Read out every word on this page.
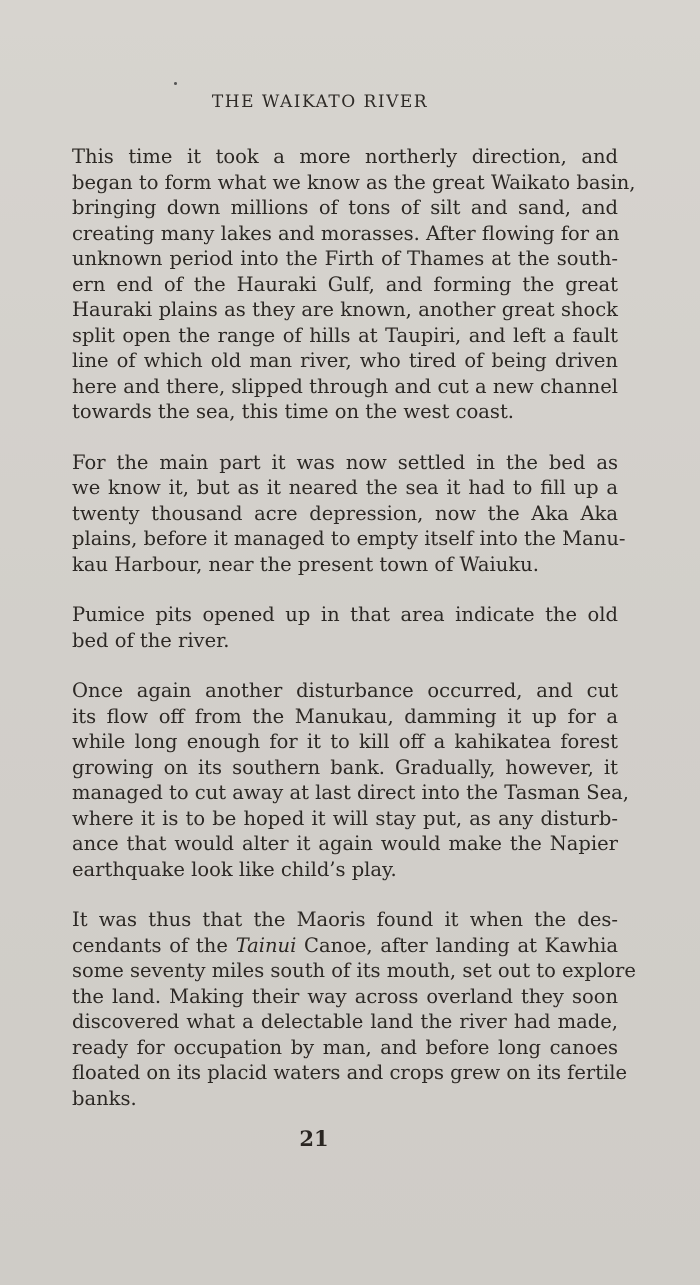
THE WAIKATO RIVER

This time it took a more northerly direction, and
began to form what we know as the great Waikato basin,
bringing down millions of tons of silt and sand, and
creating many lakes and morasses. After flowing for an
unknown period into the Firth of Thames at the south-
ern end of the Hauraki Gulf, and forming the great
Hauraki plains as they are known, another great shock
split open the range of hills at Taupiri, and left a fault
line of which old man river, who tired of being driven
here and there, slipped through and cut a new channel
towards the sea, this time on the west coast.

For the main part it was now settled in the bed as
we know it, but as it neared the sea it had to fill up a
twenty thousand acre depression, now the Aka Aka
plains, before it managed to empty itself into the Manu-
kau Harbour, near the present town of Waiuku.

Pumice pits opened up in that area indicate the old
bed of the river.

Once again another disturbance occurred, and cut
its flow off from the Manukau, damming it up for a
while long enough for it to kill off a kahikatea forest
growing on its southern bank. Gradually, however, it
managed to cut away at last direct into the Tasman Sea,
where it is to be hoped it will stay put, as any disturb-
ance that would alter it again would make the Napier
earthquake look like child’s play.

It was thus that the Maoris found it when the des-
cendants of the Tainui Canoe, after landing at Kawhia
some seventy miles south of its mouth, set out to explore
the land. Making their way across overland they soon
discovered what a delectable land the river had made,
ready for occupation by man, and before long canoes
floated on its placid waters and crops grew on its fertile
banks.

21
